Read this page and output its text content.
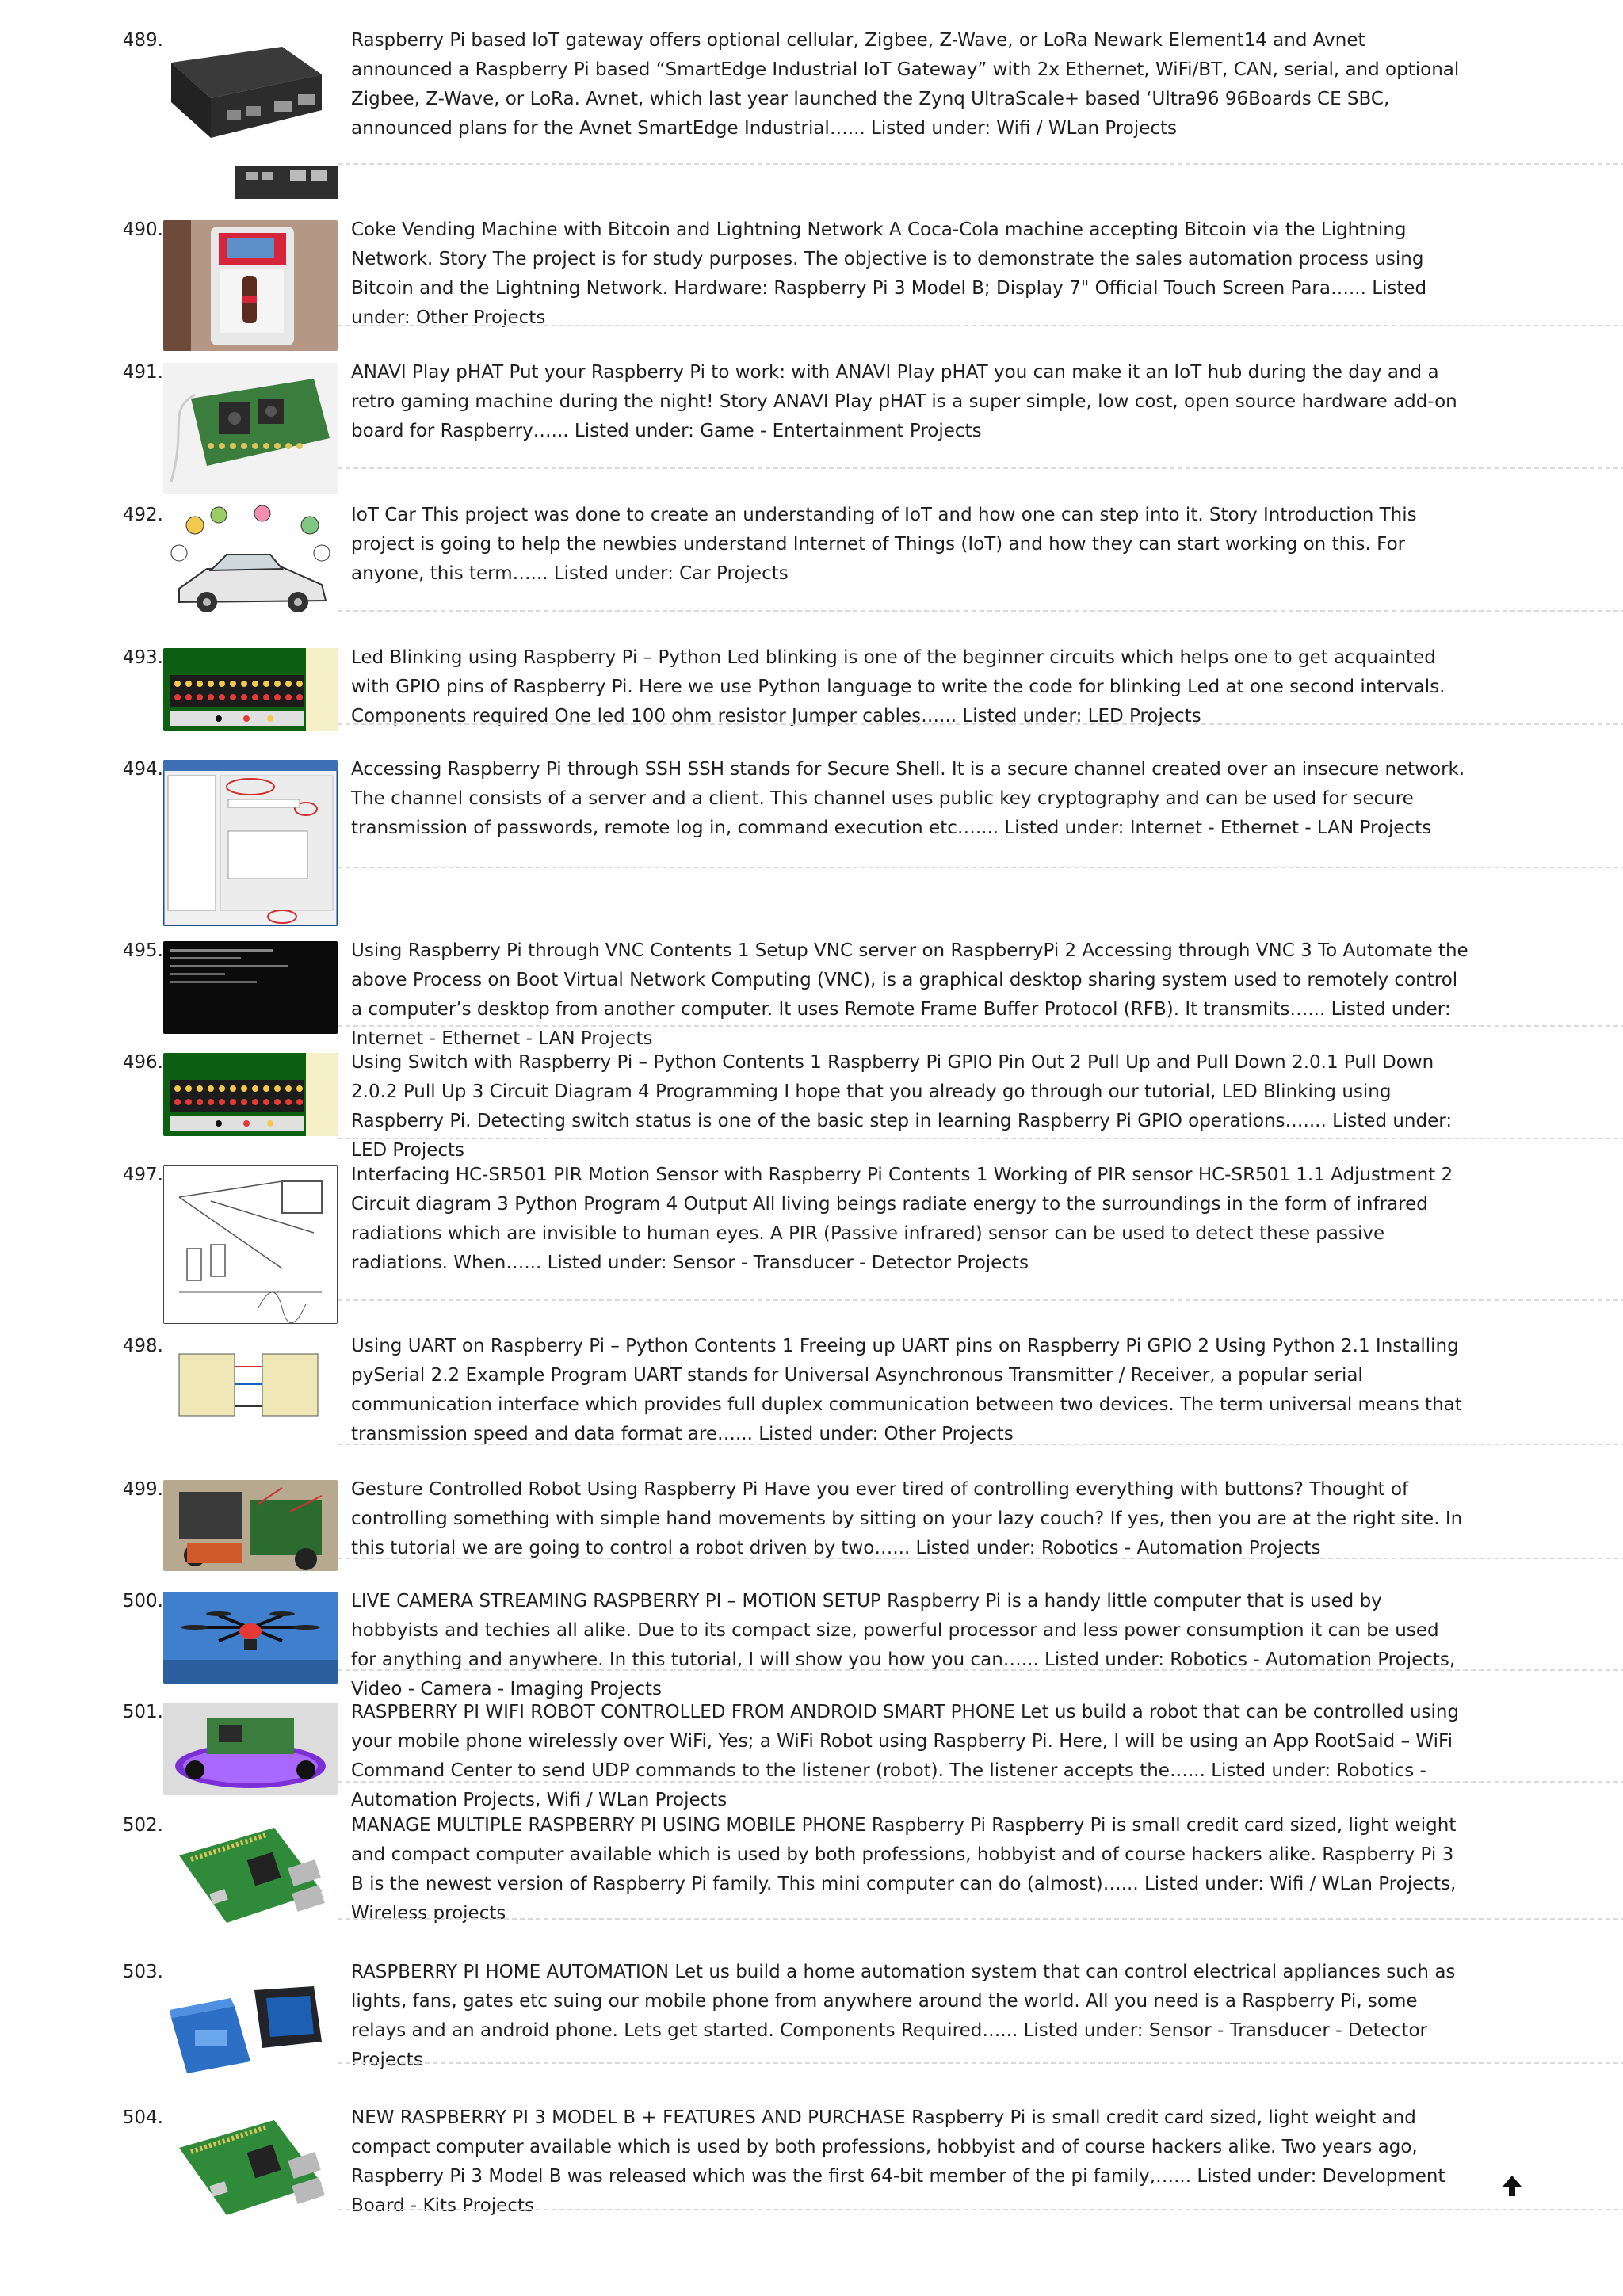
489.	Raspberry Pi based IoT gateway offers optional cellular, Zigbee, Z-Wave, or LoRa Newark Element14 and Avnet announced a Raspberry Pi based “SmartEdge Industrial IoT Gateway” with 2x Ethernet, WiFi/BT, CAN, serial, and optional Zigbee, Z-Wave, or LoRa. Avnet, which last year launched the Zynq UltraScale+ based ‘Ultra96 96Boards CE SBC, announced plans for the Avnet SmartEdge Industrial…... Listed under: Wifi / WLan Projects
490.	Coke Vending Machine with Bitcoin and Lightning Network A Coca-Cola machine accepting Bitcoin via the Lightning Network. Story The project is for study purposes. The objective is to demonstrate the sales automation process using Bitcoin and the Lightning Network. Hardware: Raspberry Pi 3 Model B; Display 7" Official Touch Screen Para…... Listed under: Other Projects
491.	ANAVI Play pHAT Put your Raspberry Pi to work: with ANAVI Play pHAT you can make it an IoT hub during the day and a retro gaming machine during the night! Story ANAVI Play pHAT is a super simple, low cost, open source hardware add-on board for Raspberry…... Listed under: Game - Entertainment Projects
492.	IoT Car This project was done to create an understanding of IoT and how one can step into it. Story Introduction This project is going to help the newbies understand Internet of Things (IoT) and how they can start working on this. For anyone, this term…... Listed under: Car Projects
493.	Led Blinking using Raspberry Pi – Python Led blinking is one of the beginner circuits which helps one to get acquainted with GPIO pins of Raspberry Pi. Here we use Python language to write the code for blinking Led at one second intervals. Components required One led 100 ohm resistor Jumper cables…... Listed under: LED Projects
494.	Accessing Raspberry Pi through SSH SSH stands for Secure Shell. It is a secure channel created over an insecure network. The channel consists of a server and a client. This channel uses public key cryptography and can be used for secure transmission of passwords, remote log in, command execution etc….... Listed under: Internet - Ethernet - LAN Projects
495.	Using Raspberry Pi through VNC Contents 1 Setup VNC server on RaspberryPi 2 Accessing through VNC 3 To Automate the above Process on Boot Virtual Network Computing (VNC), is a graphical desktop sharing system used to remotely control a computer’s desktop from another computer. It uses Remote Frame Buffer Protocol (RFB). It transmits…... Listed under: Internet - Ethernet - LAN Projects
496.	Using Switch with Raspberry Pi – Python Contents 1 Raspberry Pi GPIO Pin Out 2 Pull Up and Pull Down 2.0.1 Pull Down 2.0.2 Pull Up 3 Circuit Diagram 4 Programming I hope that you already go through our tutorial, LED Blinking using Raspberry Pi. Detecting switch status is one of the basic step in learning Raspberry Pi GPIO operations….... Listed under: LED Projects
497.	Interfacing HC-SR501 PIR Motion Sensor with Raspberry Pi Contents 1 Working of PIR sensor HC-SR501 1.1 Adjustment 2 Circuit diagram 3 Python Program 4 Output All living beings radiate energy to the surroundings in the form of infrared radiations which are invisible to human eyes. A PIR (Passive infrared) sensor can be used to detect these passive radiations. When…... Listed under: Sensor - Transducer - Detector Projects
498.	Using UART on Raspberry Pi – Python Contents 1 Freeing up UART pins on Raspberry Pi GPIO 2 Using Python 2.1 Installing pySerial 2.2 Example Program UART stands for Universal Asynchronous Transmitter / Receiver, a popular serial communication interface which provides full duplex communication between two devices. The term universal means that transmission speed and data format are…... Listed under: Other Projects
499.	Gesture Controlled Robot Using Raspberry Pi Have you ever tired of controlling everything with buttons? Thought of controlling something with simple hand movements by sitting on your lazy couch? If yes, then you are at the right site. In this tutorial we are going to control a robot driven by two…... Listed under: Robotics - Automation Projects
500.	LIVE CAMERA STREAMING RASPBERRY PI – MOTION SETUP Raspberry Pi is a handy little computer that is used by hobbyists and techies all alike. Due to its compact size, powerful processor and less power consumption it can be used for anything and anywhere. In this tutorial, I will show you how you can…... Listed under: Robotics - Automation Projects, Video - Camera - Imaging Projects
501.	RASPBERRY PI WIFI ROBOT CONTROLLED FROM ANDROID SMART PHONE Let us build a robot that can be controlled using your mobile phone wirelessly over WiFi, Yes; a WiFi Robot using Raspberry Pi. Here, I will be using an App RootSaid – WiFi Command Center to send UDP commands to the listener (robot). The listener accepts the…... Listed under: Robotics - Automation Projects, Wifi / WLan Projects
502.	MANAGE MULTIPLE RASPBERRY PI USING MOBILE PHONE Raspberry Pi Raspberry Pi is small credit card sized, light weight and compact computer available which is used by both professions, hobbyist and of course hackers alike. Raspberry Pi 3 B is the newest version of Raspberry Pi family. This mini computer can do (almost)…... Listed under: Wifi / WLan Projects, Wireless projects
503.	RASPBERRY PI HOME AUTOMATION Let us build a home automation system that can control electrical appliances such as lights, fans, gates etc suing our mobile phone from anywhere around the world. All you need is a Raspberry Pi, some relays and an android phone. Lets get started. Components Required…... Listed under: Sensor - Transducer - Detector Projects
504.	NEW RASPBERRY PI 3 MODEL B + FEATURES AND PURCHASE Raspberry Pi is small credit card sized, light weight and compact computer available which is used by both professions, hobbyist and of course hackers alike. Two years ago, Raspberry Pi 3 Model B was released which was the first 64-bit member of the pi family,…... Listed under: Development Board - Kits Projects
